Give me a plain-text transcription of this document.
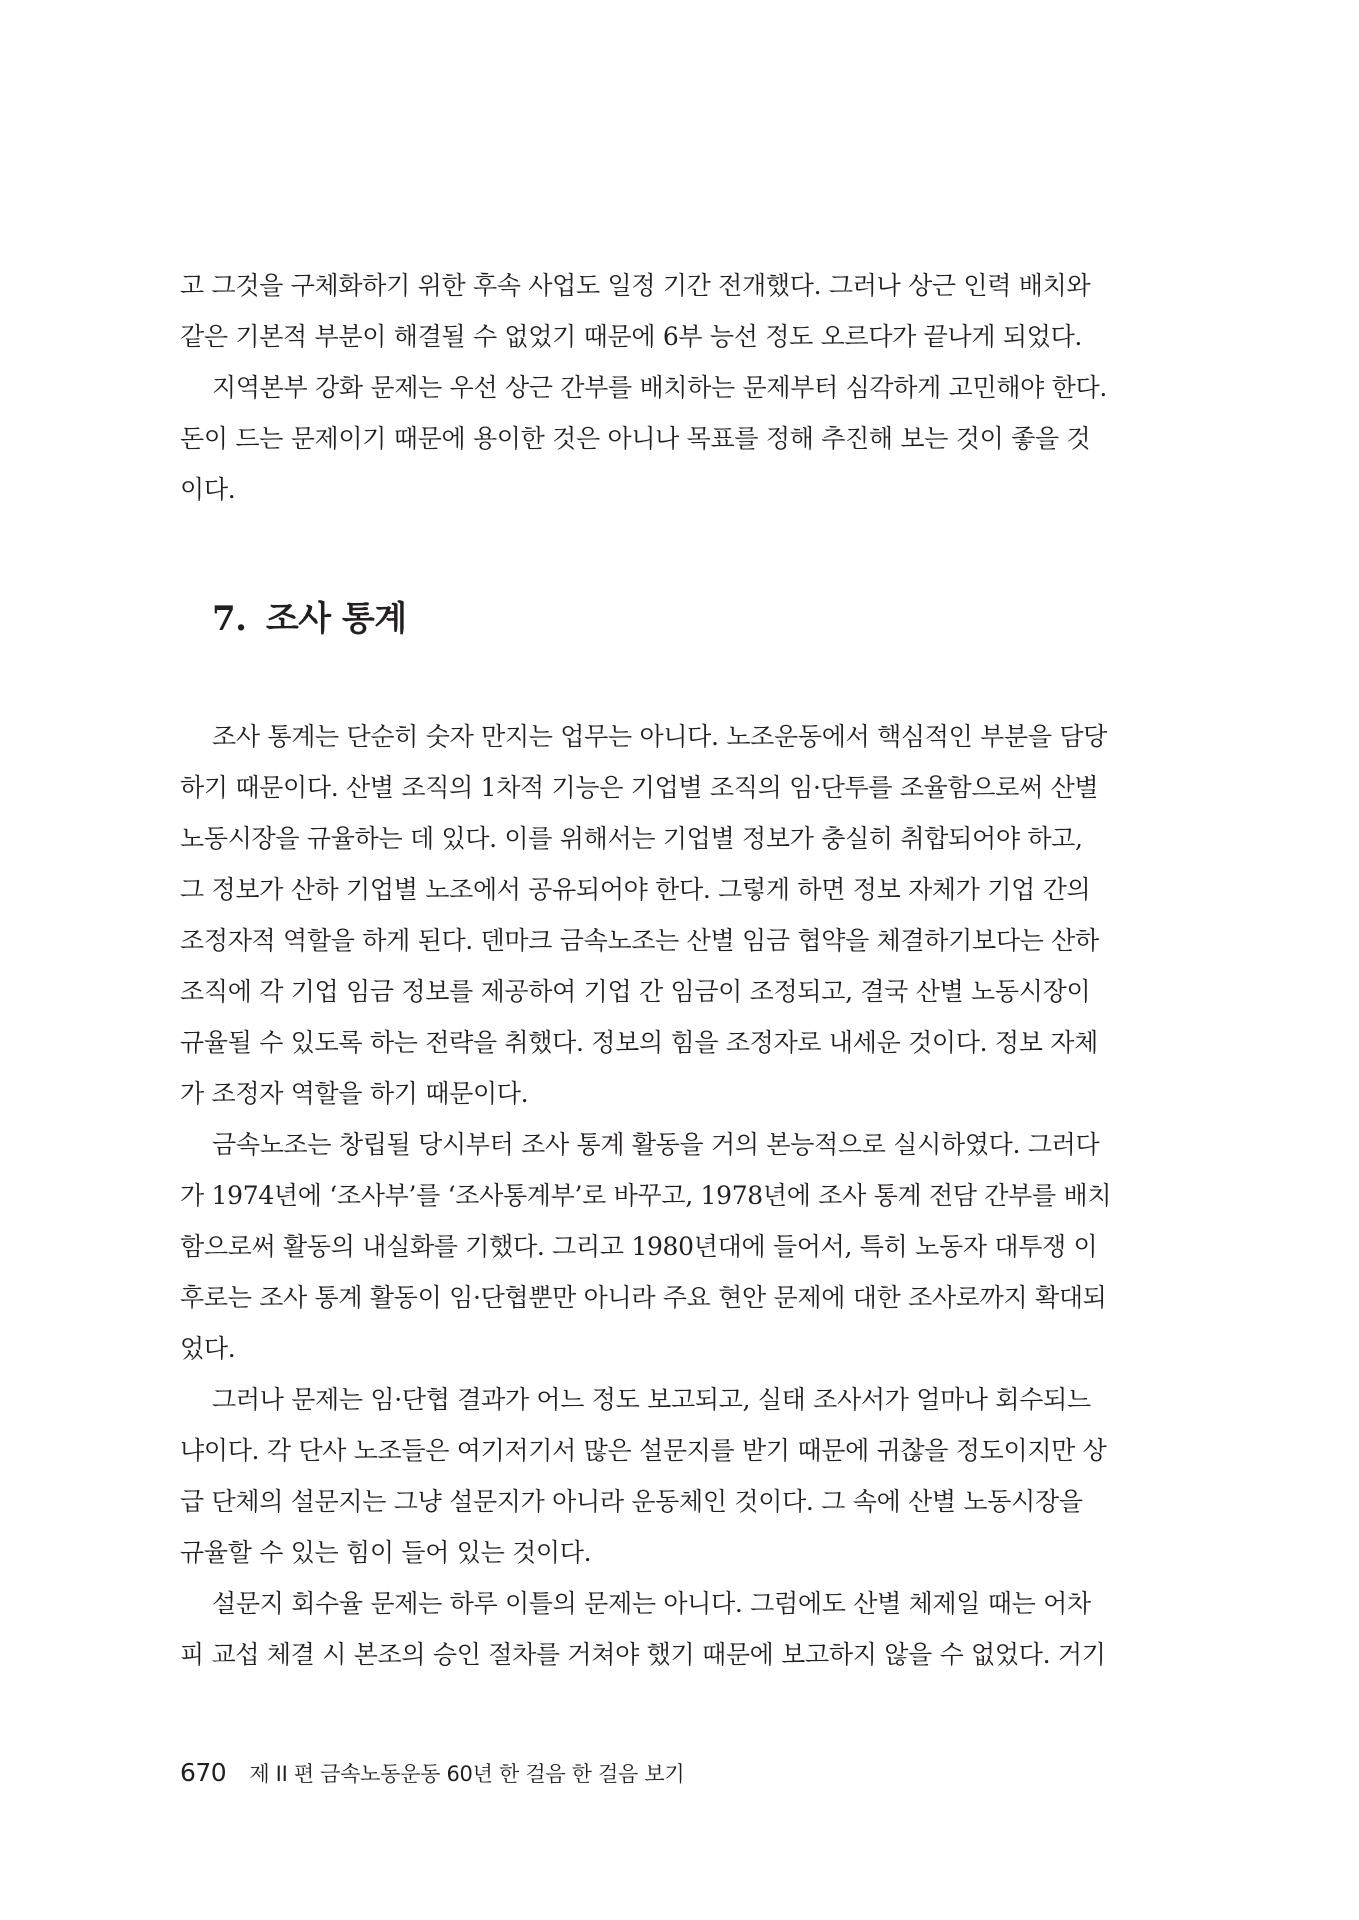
고 그것을 구체화하기 위한 후속 사업도 일정 기간 전개했다. 그러나 상근 인력 배치와
같은 기본적 부분이 해결될 수 없었기 때문에 6부 능선 정도 오르다가 끝나게 되었다.
지역본부 강화 문제는 우선 상근 간부를 배치하는 문제부터 심각하게 고민해야 한다.
돈이 드는 문제이기 때문에 용이한 것은 아니나 목표를 정해 추진해 보는 것이 좋을 것
이다.
7. 조사 통계
조사 통계는 단순히 숫자 만지는 업무는 아니다. 노조운동에서 핵심적인 부분을 담당
하기 때문이다. 산별 조직의 1차적 기능은 기업별 조직의 임·단투를 조율함으로써 산별
노동시장을 규율하는 데 있다. 이를 위해서는 기업별 정보가 충실히 취합되어야 하고,
그 정보가 산하 기업별 노조에서 공유되어야 한다. 그렇게 하면 정보 자체가 기업 간의
조정자적 역할을 하게 된다. 덴마크 금속노조는 산별 임금 협약을 체결하기보다는 산하
조직에 각 기업 임금 정보를 제공하여 기업 간 임금이 조정되고, 결국 산별 노동시장이
규율될 수 있도록 하는 전략을 취했다. 정보의 힘을 조정자로 내세운 것이다. 정보 자체
가 조정자 역할을 하기 때문이다.
금속노조는 창립될 당시부터 조사 통계 활동을 거의 본능적으로 실시하였다. 그러다
가 1974년에 ‘조사부’를 ‘조사통계부’로 바꾸고, 1978년에 조사 통계 전담 간부를 배치
함으로써 활동의 내실화를 기했다. 그리고 1980년대에 들어서, 특히 노동자 대투쟁 이
후로는 조사 통계 활동이 임·단협뿐만 아니라 주요 현안 문제에 대한 조사로까지 확대되
었다.
그러나 문제는 임·단협 결과가 어느 정도 보고되고, 실태 조사서가 얼마나 회수되느
냐이다. 각 단사 노조들은 여기저기서 많은 설문지를 받기 때문에 귀찮을 정도이지만 상
급 단체의 설문지는 그냥 설문지가 아니라 운동체인 것이다. 그 속에 산별 노동시장을
규율할 수 있는 힘이 들어 있는 것이다.
설문지 회수율 문제는 하루 이틀의 문제는 아니다. 그럼에도 산별 체제일 때는 어차
피 교섭 체결 시 본조의 승인 절차를 거쳐야 했기 때문에 보고하지 않을 수 없었다. 거기
670 제 II 편 금속노동운동 60년 한 걸음 한 걸음 보기
